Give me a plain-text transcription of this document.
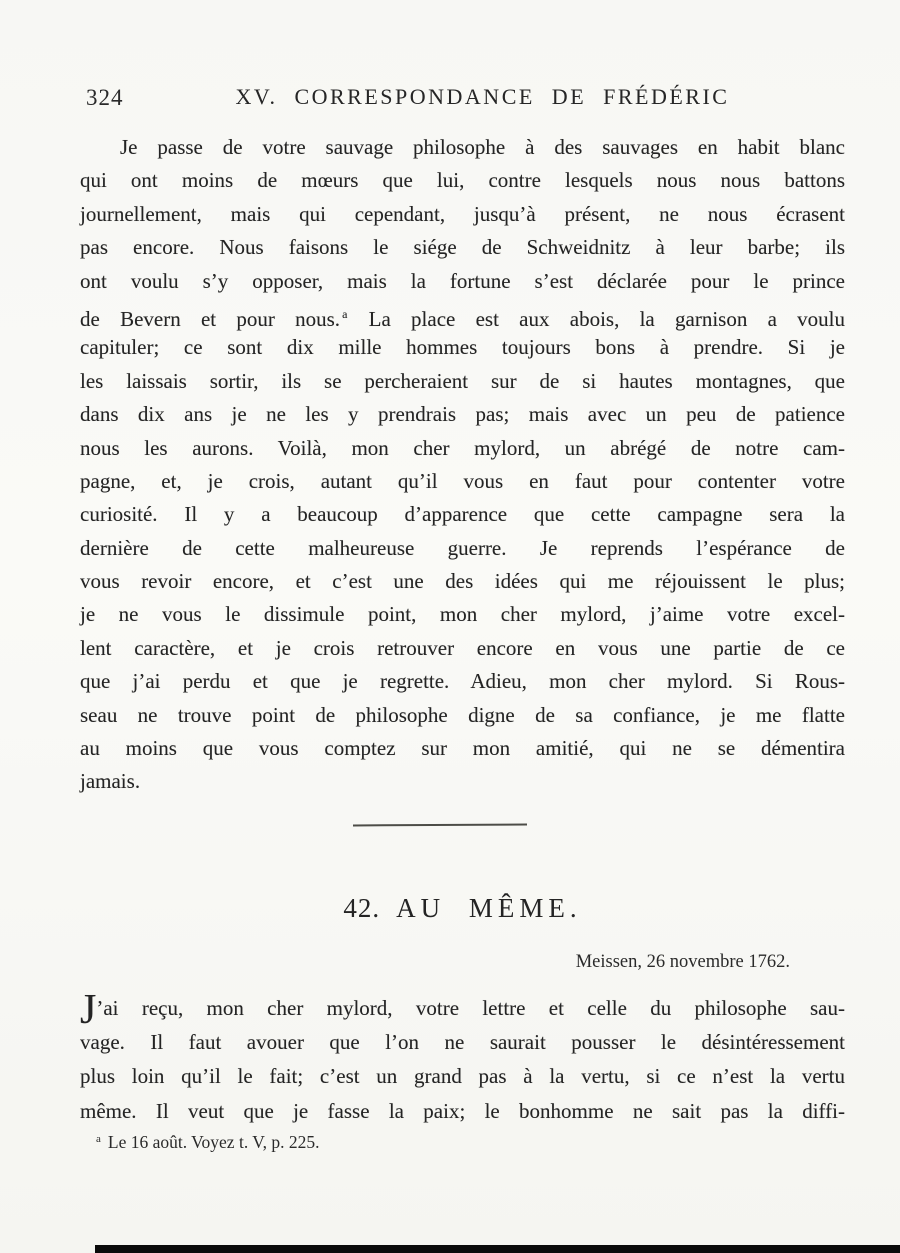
324	XV. CORRESPONDANCE DE FRÉDÉRIC
Je passe de votre sauvage philosophe à des sauvages en habit blanc
qui ont moins de mœurs que lui, contre lesquels nous nous battons
journellement, mais qui cependant, jusqu’à présent, ne nous écrasent
pas encore. Nous faisons le siége de Schweidnitz à leur barbe; ils
ont voulu s’y opposer, mais la fortune s’est déclarée pour le prince
de Bevern et pour nous. $^a$ La place est aux abois, la garnison a voulu
capituler; ce sont dix mille hommes toujours bons à prendre. Si je
les laissais sortir, ils se percheraient sur de si hautes montagnes, que
dans dix ans je ne les y prendrais pas; mais avec un peu de patience
nous les aurons. Voilà, mon cher mylord, un abrégé de notre cam-
pagne, et, je crois, autant qu’il vous en faut pour contenter votre
curiosité. Il y a beaucoup d’apparence que cette campagne sera la
dernière de cette malheureuse guerre. Je reprends l’espérance de
vous revoir encore, et c’est une des idées qui me réjouissent le plus;
je ne vous le dissimule point, mon cher mylord, j’aime votre excel-
lent caractère, et je crois retrouver encore en vous une partie de ce
que j’ai perdu et que je regrette. Adieu, mon cher mylord. Si Rous-
seau ne trouve point de philosophe digne de sa confiance, je me flatte
au moins que vous comptez sur mon amitié, qui ne se démentira
jamais.
42. AU MÊME.
Meissen, 26 novembre 1762.
J’ai reçu, mon cher mylord, votre lettre et celle du philosophe sau-
vage. Il faut avouer que l’on ne saurait pousser le désintéressement
plus loin qu’il le fait; c’est un grand pas à la vertu, si ce n’est la vertu
même. Il veut que je fasse la paix; le bonhomme ne sait pas la diffi-
$^a$ Le 16 août. Voyez t. V, p. 225.
